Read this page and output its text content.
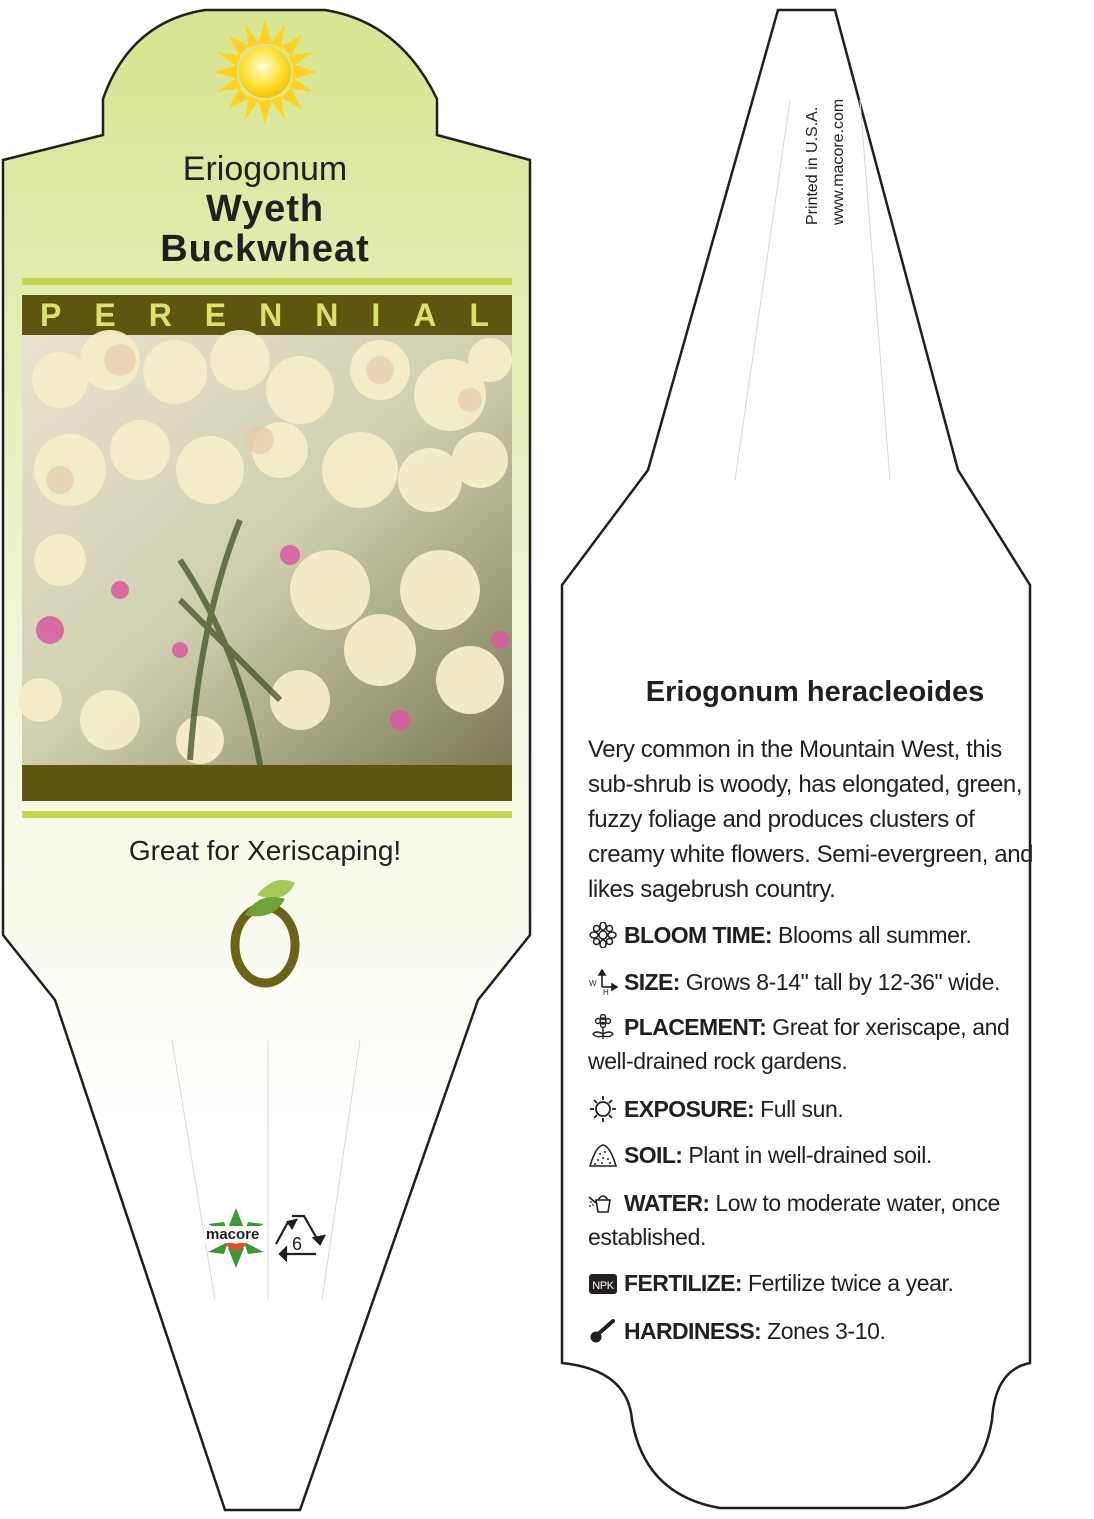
Eriogonum
Wyeth
Buckwheat
PERENNIAL
Great for Xeriscaping!
macore 6
Printed in U.S.A. www.macore.com
Eriogonum heracleoides
Very common in the Mountain West, this sub-shrub is woody, has elongated, green, fuzzy foliage and produces clusters of creamy white flowers. Semi-evergreen, and likes sagebrush country.
BLOOM TIME: Blooms all summer.
W
H SIZE: Grows 8-14" tall by 12-36" wide.
PLACEMENT: Great for xeriscape, and well-drained rock gardens.
EXPOSURE: Full sun.
SOIL: Plant in well-drained soil.
WATER: Low to moderate water, once established.
NPK FERTILIZE: Fertilize twice a year.
HARDINESS: Zones 3-10.
